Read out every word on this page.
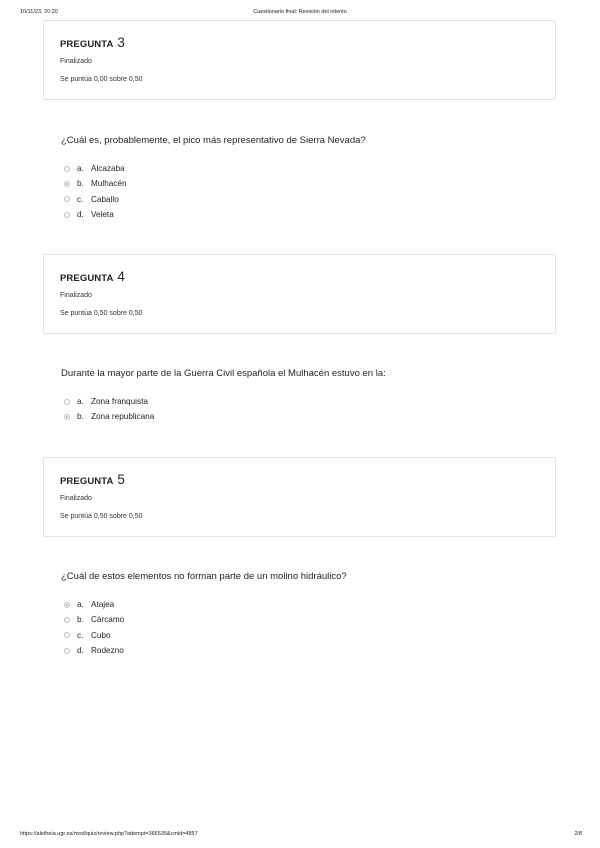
10/11/23, 20:20	Cuestionario final: Revisión del intento
PREGUNTA 3
Finalizado
Se puntúa 0,00 sobre 0,50
¿Cuál es, probablemente, el pico más representativo de Sierra Nevada?
a. Alcazaba
b. Mulhacén
c. Caballo
d. Veleta
PREGUNTA 4
Finalizado
Se puntúa 0,50 sobre 0,50
Durante la mayor parte de la Guerra Civil española el Mulhacén estuvo en la:
a. Zona franquista
b. Zona republicana
PREGUNTA 5
Finalizado
Se puntúa 0,50 sobre 0,50
¿Cuál de estos elementos no forman parte de un molino hidráulico?
a. Atajea
b. Cárcamo
c. Cubo
d. Rodezno
https://aletheia.ugr.es/mod/quiz/review.php?attempt=366535&cmid=4857	2/8
